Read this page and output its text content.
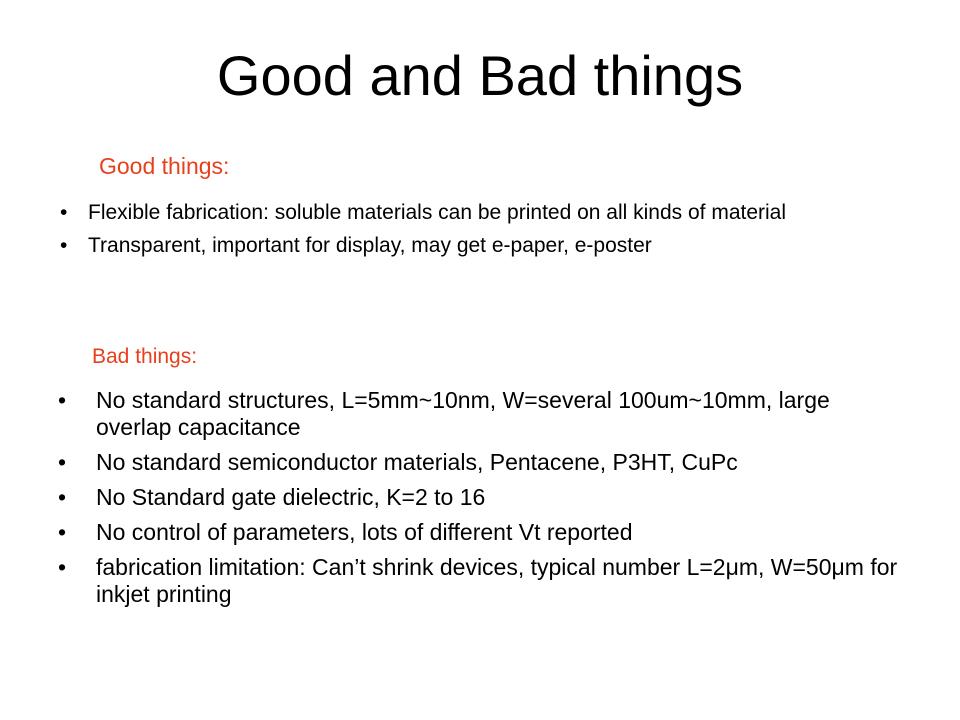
Good and Bad things

Good things:

• Flexible fabrication: soluble materials can be printed on all kinds of material
• Transparent, important for display, may get e-paper, e-poster

Bad things:

• No standard structures, L=5mm~10nm, W=several 100um~10mm, large overlap capacitance
• No standard semiconductor materials, Pentacene, P3HT, CuPc
• No Standard gate dielectric, K=2 to 16
• No control of parameters, lots of different Vt reported
• fabrication limitation: Can’t shrink devices, typical number L=2μm, W=50μm for inkjet printing
